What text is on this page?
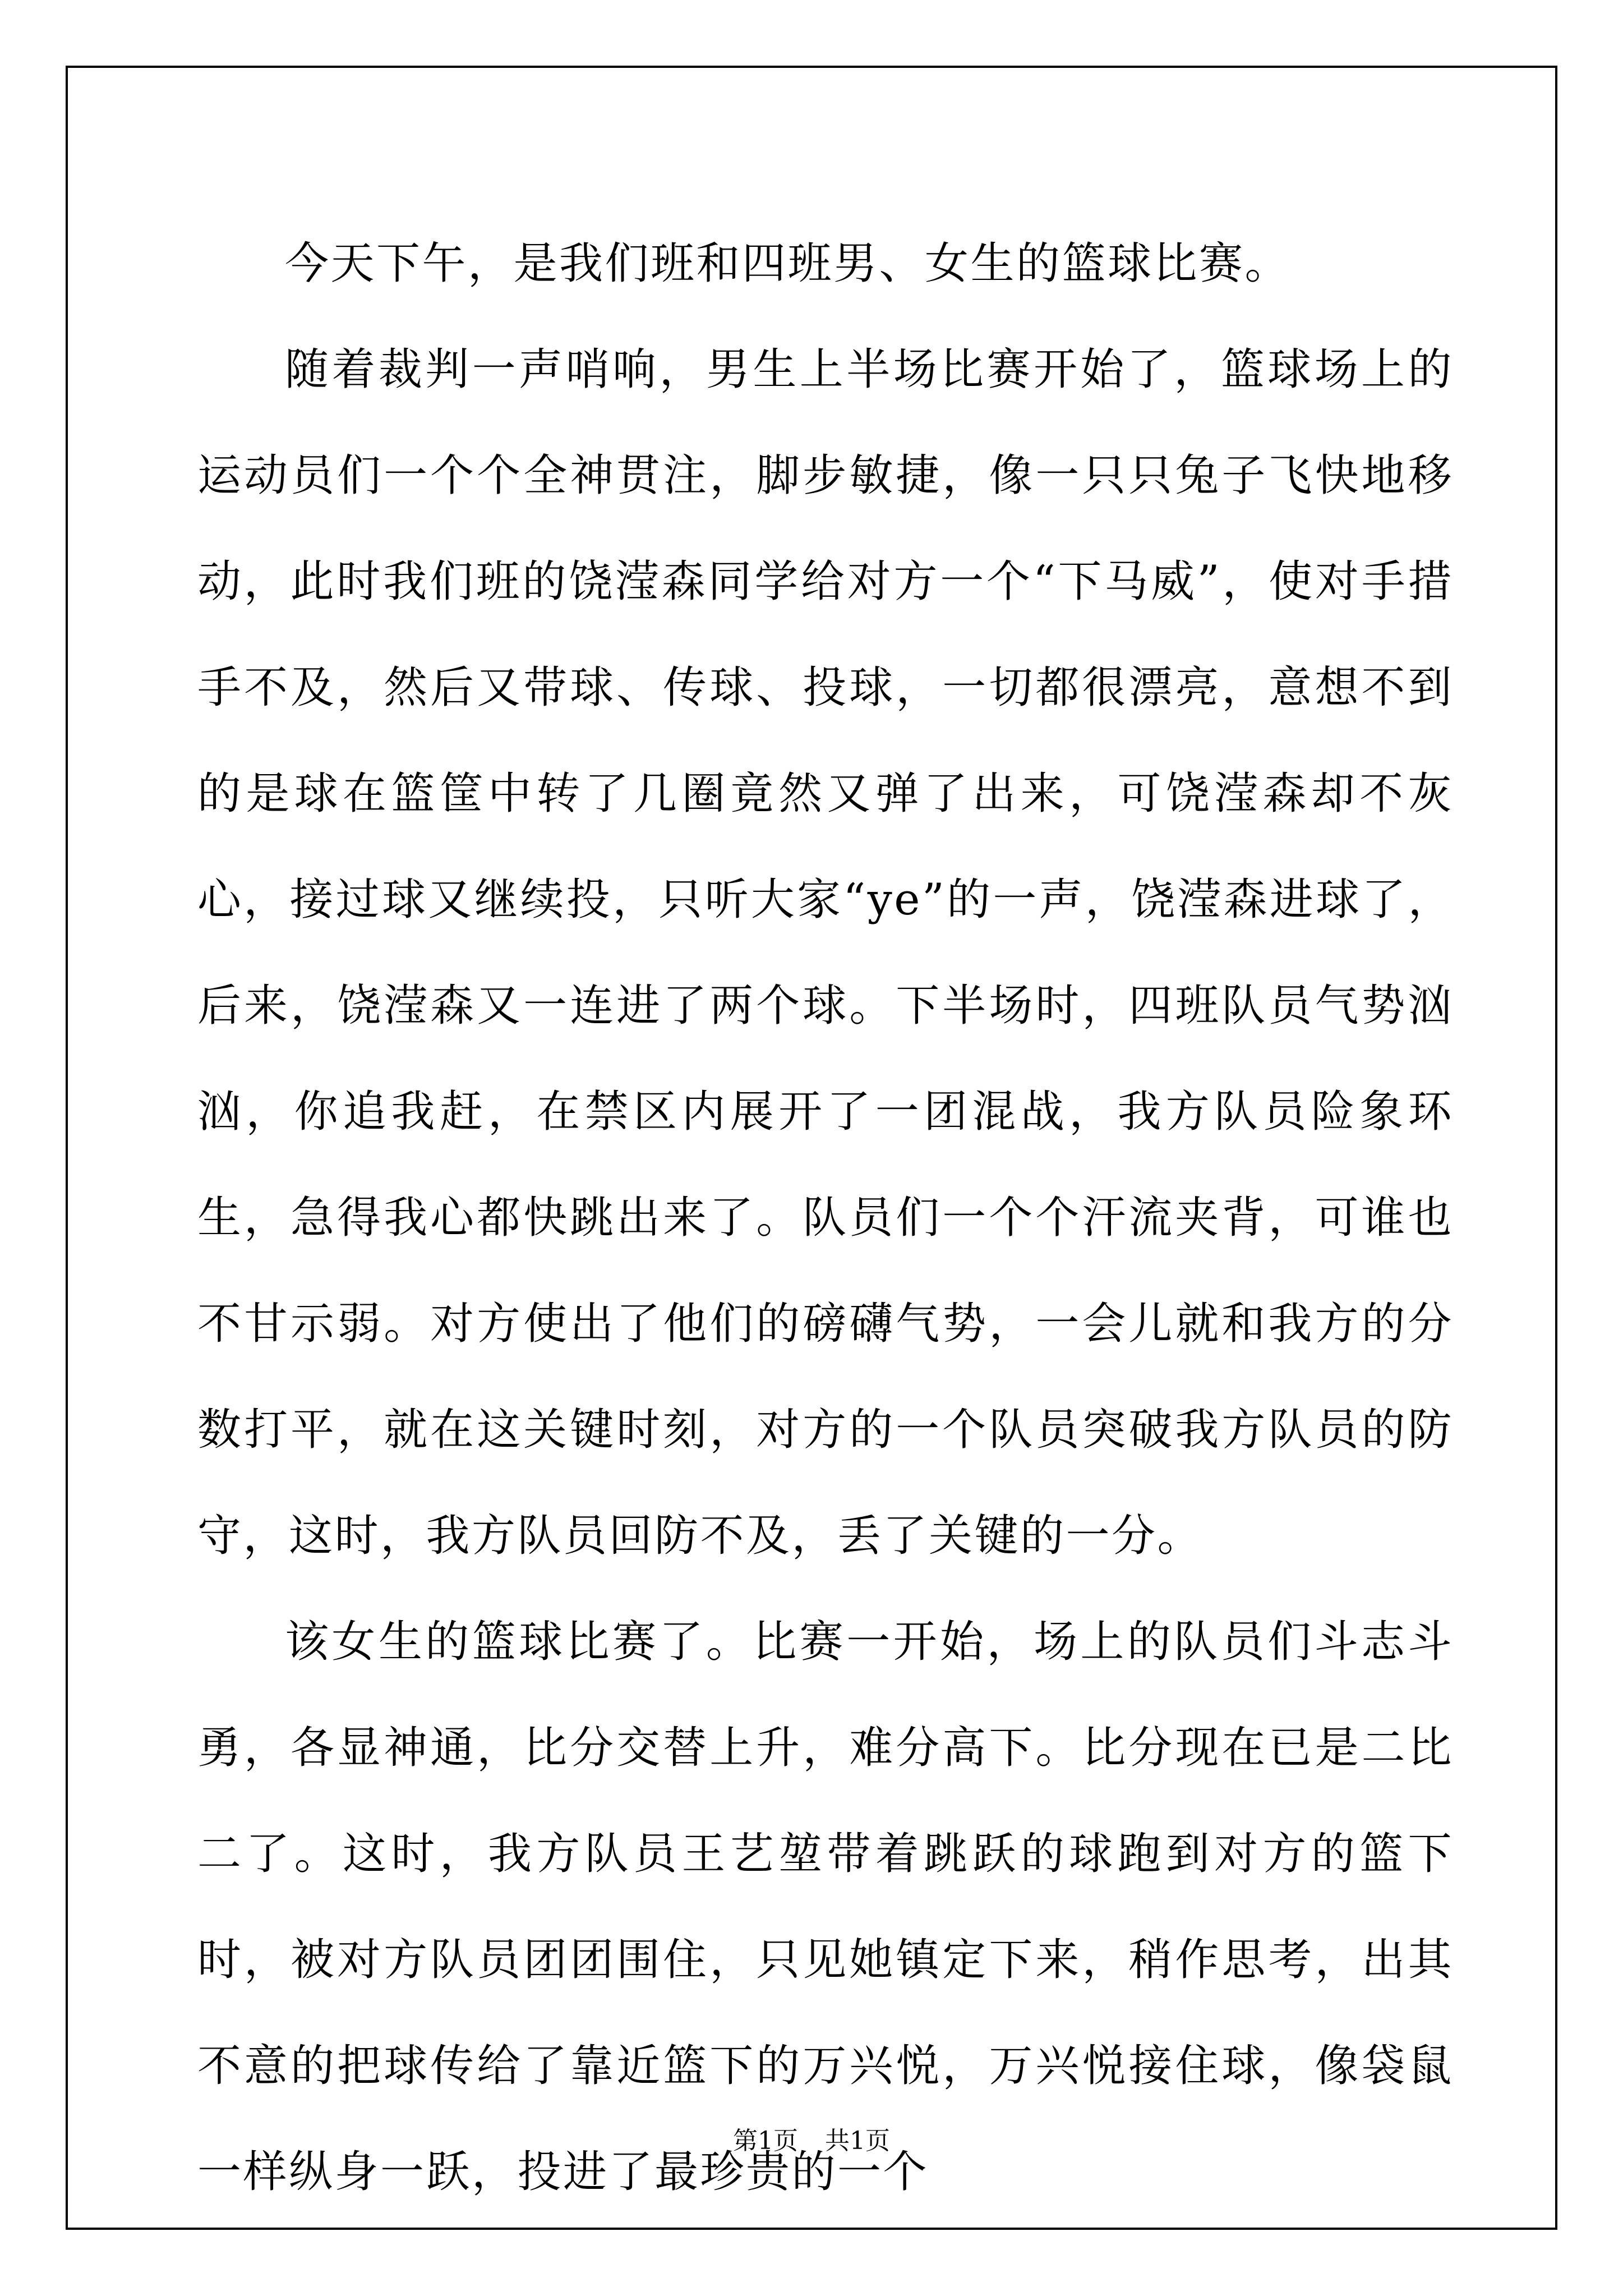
今天下午，是我们班和四班男、女生的篮球比赛。

随着裁判一声哨响，男生上半场比赛开始了，篮球场上的运动员们一个个全神贯注，脚步敏捷，像一只只兔子飞快地移动，此时我们班的饶滢森同学给对方一个“下马威”，使对手措手不及，然后又带球、传球、投球，一切都很漂亮，意想不到的是球在篮筐中转了几圈竟然又弹了出来，可饶滢森却不灰心，接过球又继续投，只听大家“ye”的一声，饶滢森进球了，后来，饶滢森又一连进了两个球。下半场时，四班队员气势汹汹，你追我赶，在禁区内展开了一团混战，我方队员险象环生，急得我心都快跳出来了。队员们一个个汗流夹背，可谁也不甘示弱。对方使出了他们的磅礴气势，一会儿就和我方的分数打平，就在这关键时刻，对方的一个队员突破我方队员的防守，这时，我方队员回防不及，丢了关键的一分。

该女生的篮球比赛了。比赛一开始，场上的队员们斗志斗勇，各显神通，比分交替上升，难分高下。比分现在已是二比二了。这时，我方队员王艺堃带着跳跃的球跑到对方的篮下时，被对方队员团团围住，只见她镇定下来，稍作思考，出其不意的把球传给了靠近篮下的万兴悦，万兴悦接住球，像袋鼠一样纵身一跃，投进了最珍贵的一个

第1页 共1页
